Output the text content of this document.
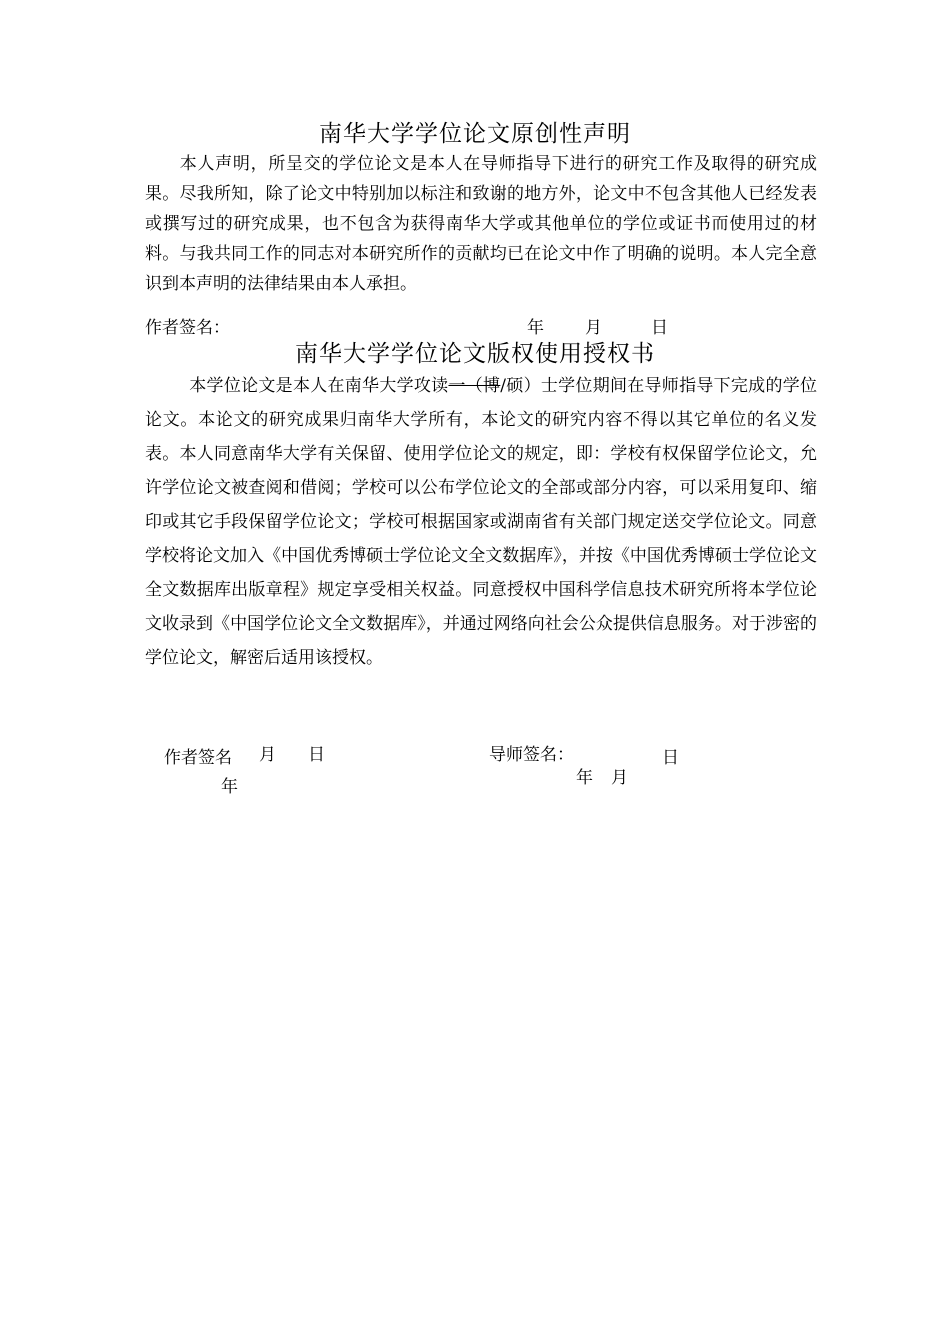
南华大学学位论文原创性声明

本人声明，所呈交的学位论文是本人在导师指导下进行的研究工作及取得的研究成果。尽我所知，除了论文中特别加以标注和致谢的地方外，论文中不包含其他人已经发表或撰写过的研究成果，也不包含为获得南华大学或其他单位的学位或证书而使用过的材料。与我共同工作的同志对本研究所作的贡献均已在论文中作了明确的说明。本人完全意识到本声明的法律结果由本人承担。

作者签名：	年 月	日
南华大学学位论文版权使用授权书

本学位论文是本人在南华大学攻读一（博/硕）士学位期间在导师指导下完成的学位论文。本论文的研究成果归南华大学所有，本论文的研究内容不得以其它单位的名义发表。本人同意南华大学有关保留、使用学位论文的规定，即：学校有权保留学位论文，允许学位论文被查阅和借阅；学校可以公布学位论文的全部或部分内容，可以采用复印、缩印或其它手段保留学位论文；学校可根据国家或湖南省有关部门规定送交学位论文。同意学校将论文加入《中国优秀博硕士学位论文全文数据库》，并按《中国优秀博硕士学位论文全文数据库出版章程》规定享受相关权益。同意授权中国科学信息技术研究所将本学位论文收录到《中国学位论文全文数据库》，并通过网络向社会公众提供信息服务。对于涉密的学位论文，解密后适用该授权。

作者签名 月 日
年
导师签名：	日
年 月
